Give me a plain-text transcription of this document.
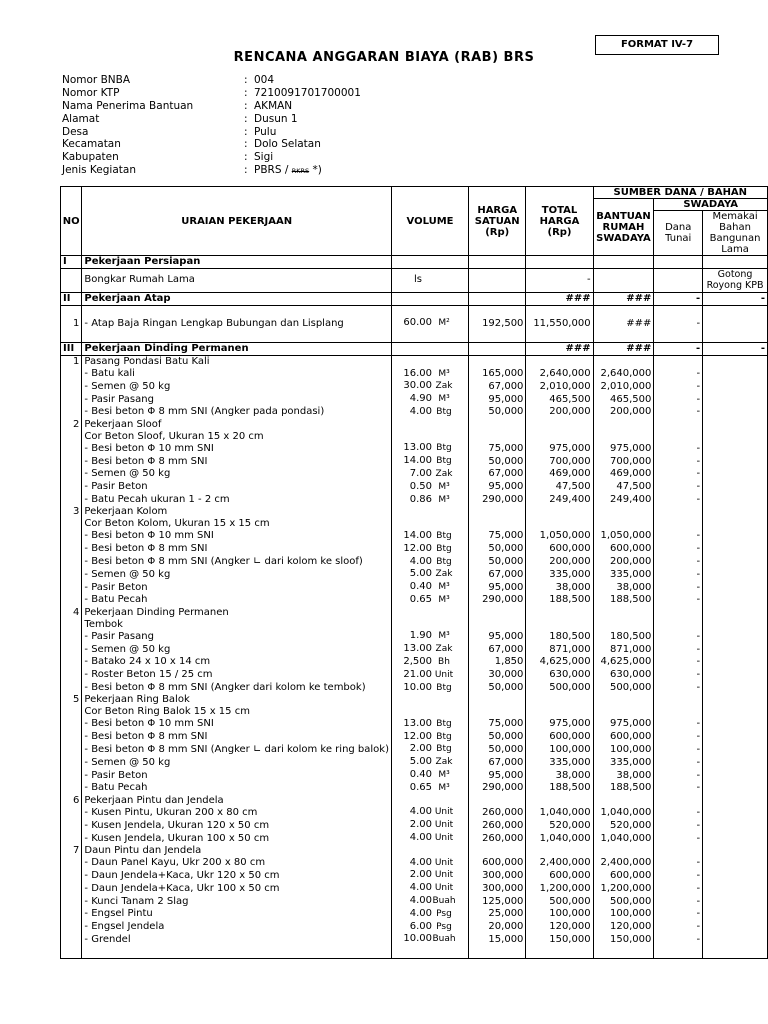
FORMAT IV-7
RENCANA ANGGARAN BIAYA (RAB) BRS
Nomor BNBA	: 004
Nomor KTP	: 7210091701700001
Nama Penerima Bantuan	: AKMAN
Alamat	: Dusun 1
Desa	: Pulu
Kecamatan	: Dolo Selatan
Kabupaten	: Sigi
Jenis Kegiatan	: PBRS / RKRS *)
NO	URAIAN PEKERJAAN	VOLUME	HARGA SATUAN (Rp)	TOTAL HARGA (Rp)	SUMBER DANA / BAHAN		
					BANTUAN RUMAH SWADAYA	SWADAYA	
						Dana Tunai	Memakai Bahan Bangunan Lama
I	Pekerjaan Persiapan						
	Bongkar Rumah Lama	ls		-			Gotong Royong KPB
II	Pekerjaan Atap			###	###	-	-

1	- Atap Baja Ringan Lengkap Bubungan dan Lisplang	60.00 M²	192,500	11,550,000	###	-	

III	Pekerjaan Dinding Permanen			###	###	-	-
1	Pasang Pondasi Batu Kali						
	- Batu kali	16.00 M³	165,000	2,640,000	2,640,000	-	
	- Semen @ 50 kg	30.00 Zak	67,000	2,010,000	2,010,000	-	
	- Pasir Pasang	4.90 M³	95,000	465,500	465,500	-	
	- Besi beton Φ 8 mm SNI (Angker pada pondasi)	4.00 Btg	50,000	200,000	200,000	-	
2	Pekerjaan Sloof						
	Cor Beton Sloof, Ukuran 15 x 20 cm						
	- Besi beton Φ 10 mm SNI	13.00 Btg	75,000	975,000	975,000	-	
	- Besi beton Φ 8 mm SNI	14.00 Btg	50,000	700,000	700,000	-	
	- Semen @ 50 kg	7.00 Zak	67,000	469,000	469,000	-	
	- Pasir Beton	0.50 M³	95,000	47,500	47,500	-	
	- Batu Pecah ukuran 1 - 2 cm	0.86 M³	290,000	249,400	249,400	-	
3	Pekerjaan Kolom						
	Cor Beton Kolom, Ukuran 15 x 15 cm						
	- Besi beton Φ 10 mm SNI	14.00 Btg	75,000	1,050,000	1,050,000	-	
	- Besi beton Φ 8 mm SNI	12.00 Btg	50,000	600,000	600,000	-	
	- Besi beton Φ 8 mm SNI (Angker ∟ dari kolom ke sloof)	4.00 Btg	50,000	200,000	200,000	-	
	- Semen @ 50 kg	5.00 Zak	67,000	335,000	335,000	-	
	- Pasir Beton	0.40 M³	95,000	38,000	38,000	-	
	- Batu Pecah	0.65 M³	290,000	188,500	188,500	-	
4	Pekerjaan Dinding Permanen						
	Tembok						
	- Pasir Pasang	1.90 M³	95,000	180,500	180,500	-	
	- Semen @ 50 kg	13.00 Zak	67,000	871,000	871,000	-	
	- Batako 24 x 10 x 14 cm	2,500 Bh	1,850	4,625,000	4,625,000	-	
	- Roster Beton 15 / 25 cm	21.00 Unit	30,000	630,000	630,000	-	
	- Besi beton Φ 8 mm SNI (Angker dari kolom ke tembok)	10.00 Btg	50,000	500,000	500,000	-	
5	Pekerjaan Ring Balok						
	Cor Beton Ring Balok 15 x 15 cm						
	- Besi beton Φ 10 mm SNI	13.00 Btg	75,000	975,000	975,000	-	
	- Besi beton Φ 8 mm SNI	12.00 Btg	50,000	600,000	600,000	-	
	- Besi beton Φ 8 mm SNI (Angker ∟ dari kolom ke ring balok)	2.00 Btg	50,000	100,000	100,000	-	
	- Semen @ 50 kg	5.00 Zak	67,000	335,000	335,000	-	
	- Pasir Beton	0.40 M³	95,000	38,000	38,000	-	
	- Batu Pecah	0.65 M³	290,000	188,500	188,500	-	
6	Pekerjaan Pintu dan Jendela						
	- Kusen Pintu, Ukuran 200 x 80 cm	4.00 Unit	260,000	1,040,000	1,040,000	-	
	- Kusen Jendela, Ukuran 120 x 50 cm	2.00 Unit	260,000	520,000	520,000	-	
	- Kusen Jendela, Ukuran 100 x 50 cm	4.00 Unit	260,000	1,040,000	1,040,000	-	
7	Daun Pintu dan Jendela						
	- Daun Panel Kayu, Ukr 200 x 80 cm	4.00 Unit	600,000	2,400,000	2,400,000	-	
	- Daun Jendela+Kaca, Ukr 120 x 50 cm	2.00 Unit	300,000	600,000	600,000	-	
	- Daun Jendela+Kaca, Ukr 100 x 50 cm	4.00 Unit	300,000	1,200,000	1,200,000	-	
	- Kunci Tanam 2 Slag	4.00Buah	125,000	500,000	500,000	-	
	- Engsel Pintu	4.00 Psg	25,000	100,000	100,000	-	
	- Engsel Jendela	6.00 Psg	20,000	120,000	120,000	-	
	- Grendel	10.00Buah	15,000	150,000	150,000	-	
